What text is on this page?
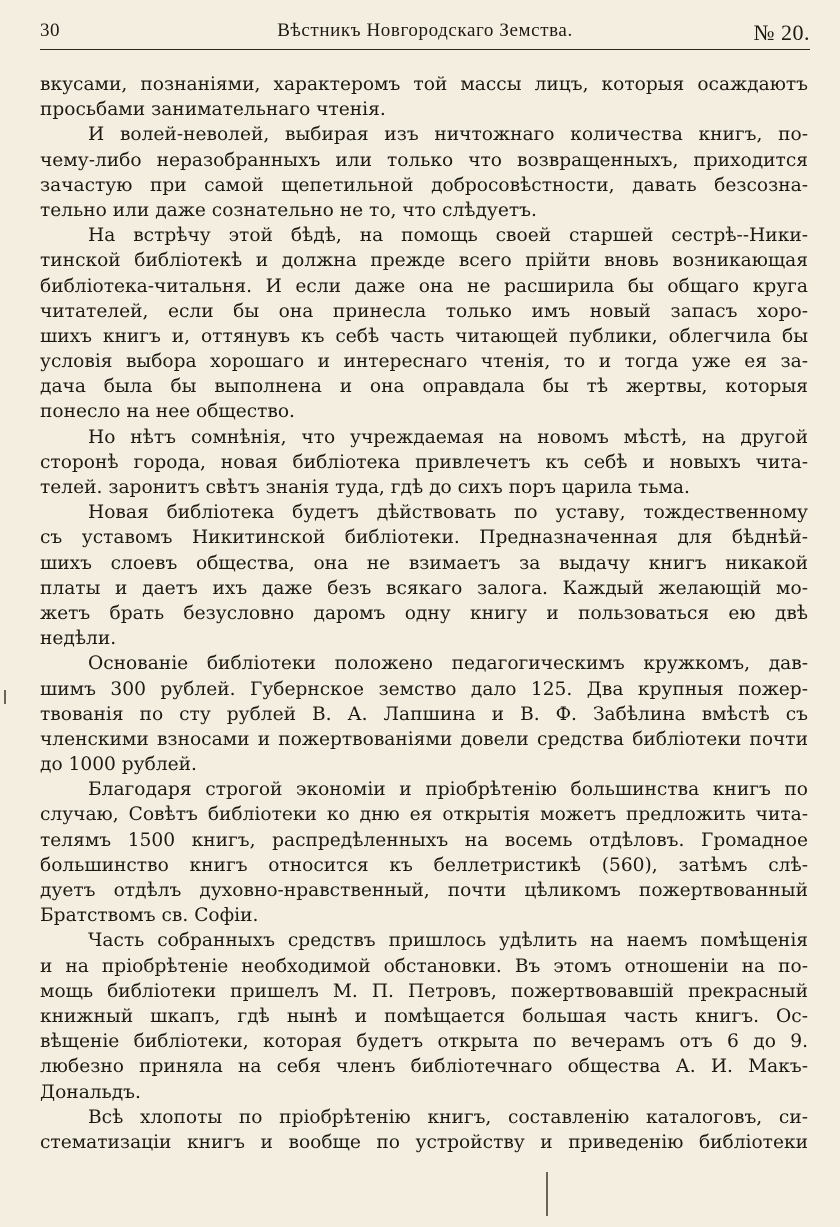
30	Вѣстникъ Новгородскаго Земства.	№ 20.
вкусами, познаніями, характеромъ той массы лицъ, которыя осаждаютъ
просьбами занимательнаго чтенія.
И волей-неволей, выбирая изъ ничтожнаго количества книгъ, по-
чему-либо неразобранныхъ или только что возвращенныхъ, приходится
зачастую при самой щепетильной добросовѣстности, давать безсозна-
тельно или даже сознательно не то, что слѣдуетъ.
На встрѣчу этой бѣдѣ, на помощь своей старшей сестрѣ--Ники-
тинской библіотекѣ и должна прежде всего прійти вновь возникающая
библіотека-читальня. И если даже она не расширила бы общаго круга
читателей, если бы она принесла только имъ новый запасъ хоро-
шихъ книгъ и, оттянувъ къ себѣ часть читающей публики, облегчила бы
условія выбора хорошаго и интереснаго чтенія, то и тогда уже ея за-
дача была бы выполнена и она оправдала бы тѣ жертвы, которыя
понесло на нее общество.
Но нѣтъ сомнѣнія, что учреждаемая на новомъ мѣстѣ, на другой
сторонѣ города, новая библіотека привлечетъ къ себѣ и новыхъ чита-
телей. заронитъ свѣтъ знанія туда, гдѣ до сихъ поръ царила тьма.
Новая библіотека будетъ дѣйствовать по уставу, тождественному
съ уставомъ Никитинской библіотеки. Предназначенная для бѣднѣй-
шихъ слоевъ общества, она не взимаетъ за выдачу книгъ никакой
платы и даетъ ихъ даже безъ всякаго залога. Каждый желающій мо-
жетъ брать безусловно даромъ одну книгу и пользоваться ею двѣ
недѣли.
Основаніе библіотеки положено педагогическимъ кружкомъ, дав-
шимъ 300 рублей. Губернское земство дало 125. Два крупныя пожер-
твованія по сту рублей В. А. Лапшина и В. Ф. Забѣлина вмѣстѣ съ
членскими взносами и пожертвованіями довели средства библіотеки почти
до 1000 рублей.
Благодаря строгой экономіи и пріобрѣтенію большинства книгъ по
случаю, Совѣтъ библіотеки ко дню ея открытія можетъ предложить чита-
телямъ 1500 книгъ, распредѣленныхъ на восемь отдѣловъ. Громадное
большинство книгъ относится къ беллетристикѣ (560), затѣмъ слѣ-
дуетъ отдѣлъ духовно-нравственный, почти цѣликомъ пожертвованный
Братствомъ св. Софіи.
Часть собранныхъ средствъ пришлось удѣлить на наемъ помѣщенія
и на пріобрѣтеніе необходимой обстановки. Въ этомъ отношеніи на по-
мощь библіотеки пришелъ М. П. Петровъ, пожертвовавшій прекрасный
книжный шкапъ, гдѣ нынѣ и помѣщается большая часть книгъ. Ос-
вѣщеніе библіотеки, которая будетъ открыта по вечерамъ отъ 6 до 9.
любезно приняла на себя членъ библіотечнаго общества А. И. Макъ-
Дональдъ.
Всѣ хлопоты по пріобрѣтенію книгъ, составленію каталоговъ, си-
стематизаціи книгъ и вообще по устройству и приведенію библіотеки
